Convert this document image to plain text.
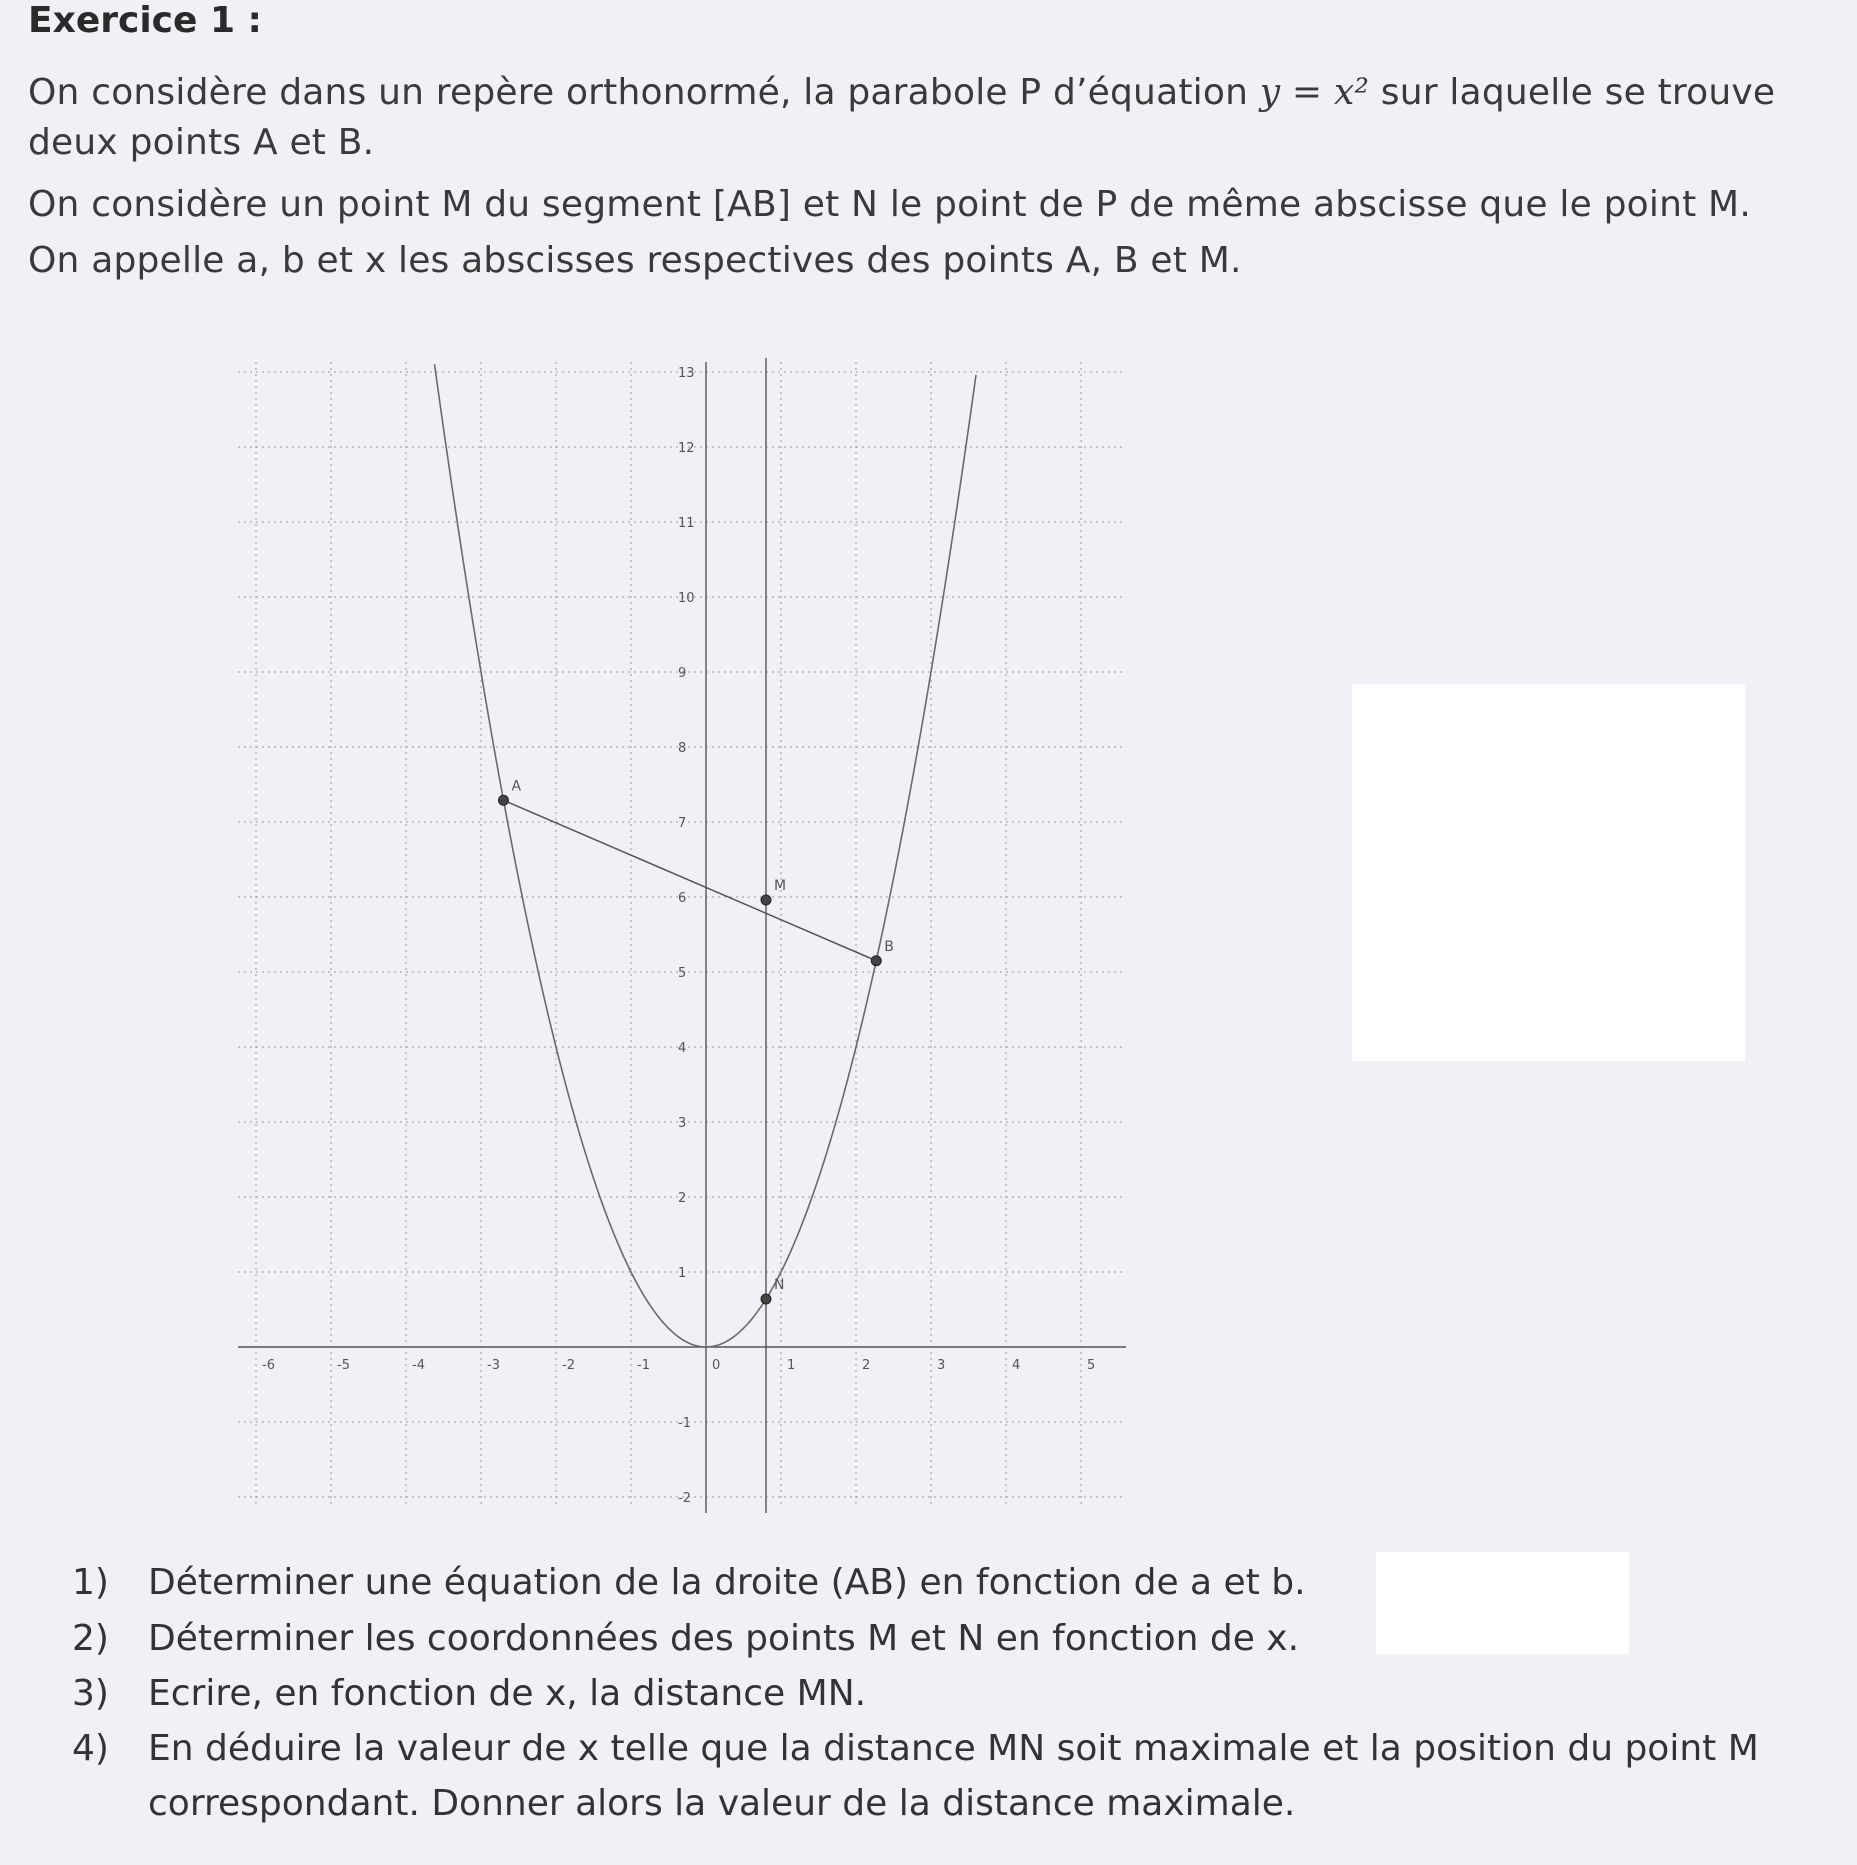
Exercice 1 :
On considère dans un repère orthonormé, la parabole P d’équation y = x² sur laquelle se trouve
deux points A et B.
On considère un point M du segment [AB] et N le point de P de même abscisse que le point M.
On appelle a, b et x les abscisses respectives des points A, B et M.
-6	-5	-4	-3	-2	-1	0	1	2	3	4	5
-2
-1
1
2
3
4
5
6
7
8
9
10
11
12
13
A
M
B
N
1) Déterminer une équation de la droite (AB) en fonction de a et b.
2) Déterminer les coordonnées des points M et N en fonction de x.
3) Ecrire, en fonction de x, la distance MN.
4) En déduire la valeur de x telle que la distance MN soit maximale et la position du point M
correspondant. Donner alors la valeur de la distance maximale.
